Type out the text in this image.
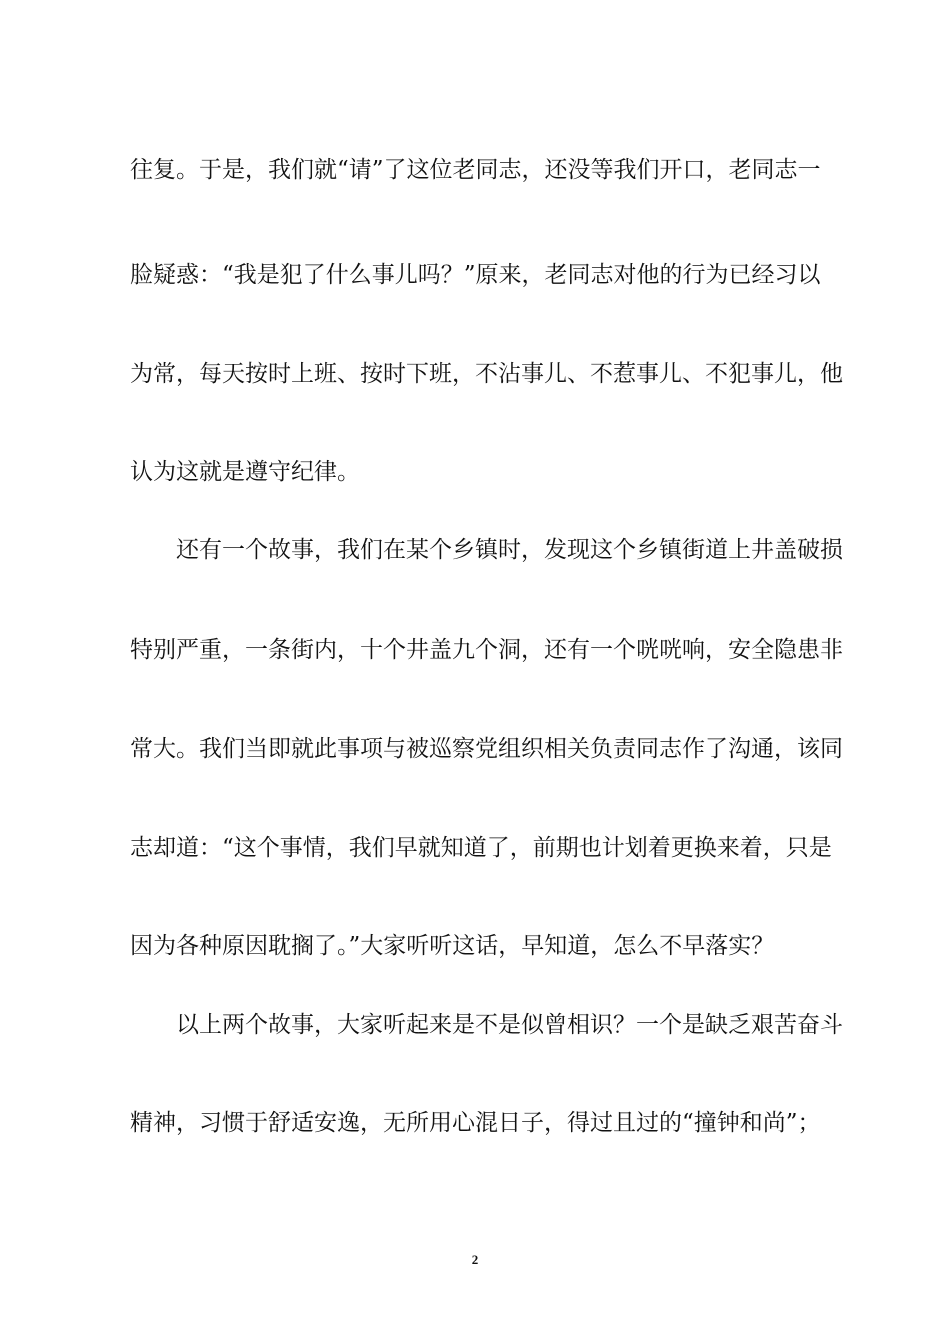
往复。于是，我们就“请”了这位老同志，还没等我们开口，老同志一
脸疑惑：“我是犯了什么事儿吗？”原来，老同志对他的行为已经习以
为常，每天按时上班、按时下班，不沾事儿、不惹事儿、不犯事儿，他
认为这就是遵守纪律。
还有一个故事，我们在某个乡镇时，发现这个乡镇街道上井盖破损
特别严重，一条街内，十个井盖九个洞，还有一个咣咣响，安全隐患非
常大。我们当即就此事项与被巡察党组织相关负责同志作了沟通，该同
志却道：“这个事情，我们早就知道了，前期也计划着更换来着，只是
因为各种原因耽搁了。”大家听听这话，早知道，怎么不早落实？
以上两个故事，大家听起来是不是似曾相识？一个是缺乏艰苦奋斗
精神，习惯于舒适安逸，无所用心混日子，得过且过的“撞钟和尚”；
2
